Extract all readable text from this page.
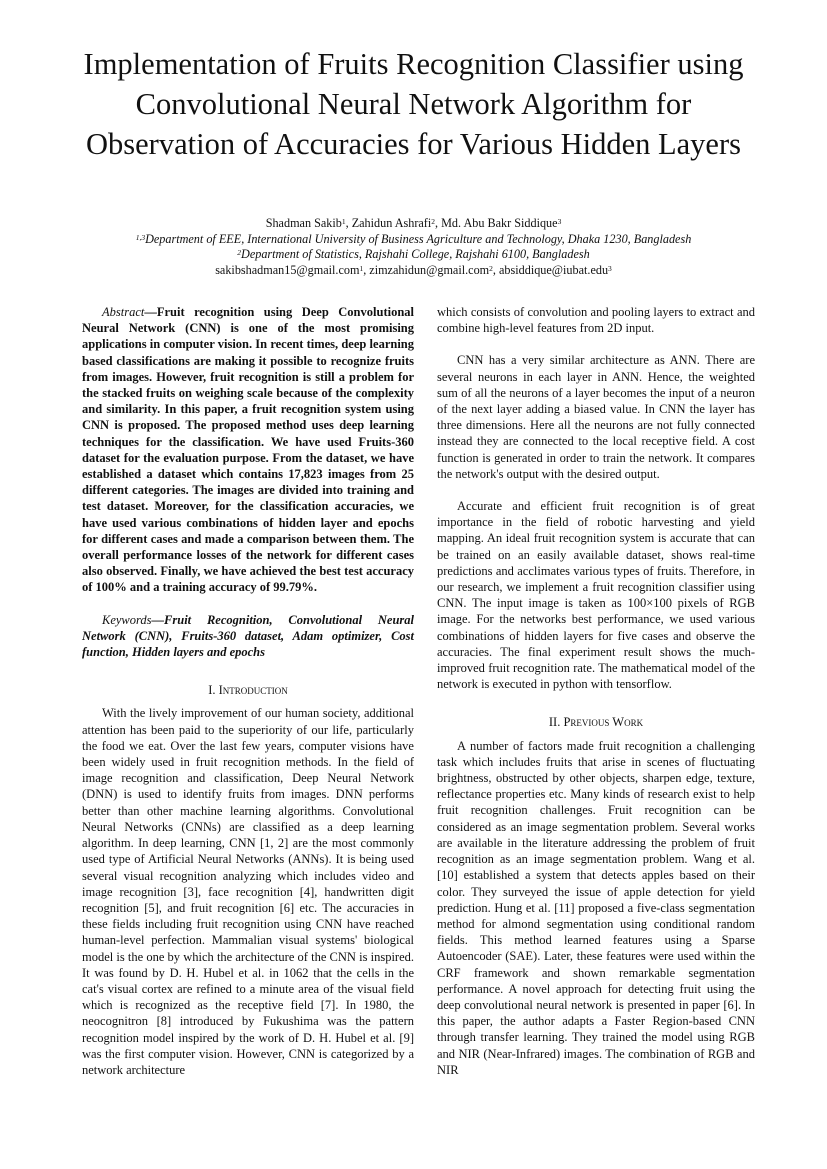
Implementation of Fruits Recognition Classifier using Convolutional Neural Network Algorithm for Observation of Accuracies for Various Hidden Layers
Shadman Sakib$^1$, Zahidun Ashrafi$^2$, Md. Abu Bakr Siddique$^3$
$^{1,3}$Department of EEE, International University of Business Agriculture and Technology, Dhaka 1230, Bangladesh
$^2$Department of Statistics, Rajshahi College, Rajshahi 6100, Bangladesh
sakibshadman15@gmail.com$^1$, zimzahidun@gmail.com$^2$, absiddique@iubat.edu$^3$

Abstract—Fruit recognition using Deep Convolutional Neural Network (CNN) is one of the most promising applications in computer vision. In recent times, deep learning based classifications are making it possible to recognize fruits from images. However, fruit recognition is still a problem for the stacked fruits on weighing scale because of the complexity and similarity. In this paper, a fruit recognition system using CNN is proposed. The proposed method uses deep learning techniques for the classification. We have used Fruits-360 dataset for the evaluation purpose. From the dataset, we have established a dataset which contains 17,823 images from 25 different categories. The images are divided into training and test dataset. Moreover, for the classification accuracies, we have used various combinations of hidden layer and epochs for different cases and made a comparison between them. The overall performance losses of the network for different cases also observed. Finally, we have achieved the best test accuracy of 100% and a training accuracy of 99.79%.

Keywords—Fruit Recognition, Convolutional Neural Network (CNN), Fruits-360 dataset, Adam optimizer, Cost function, Hidden layers and epochs

I. Introduction

With the lively improvement of our human society, additional attention has been paid to the superiority of our life, particularly the food we eat. Over the last few years, computer visions have been widely used in fruit recognition methods. In the field of image recognition and classification, Deep Neural Network (DNN) is used to identify fruits from images. DNN performs better than other machine learning algorithms. Convolutional Neural Networks (CNNs) are classified as a deep learning algorithm. In deep learning, CNN [1, 2] are the most commonly used type of Artificial Neural Networks (ANNs). It is being used several visual recognition analyzing which includes video and image recognition [3], face recognition [4], handwritten digit recognition [5], and fruit recognition [6] etc. The accuracies in these fields including fruit recognition using CNN have reached human-level perfection. Mammalian visual systems' biological model is the one by which the architecture of the CNN is inspired. It was found by D. H. Hubel et al. in 1062 that the cells in the cat's visual cortex are refined to a minute area of the visual field which is recognized as the receptive field [7]. In 1980, the neocognitron [8] introduced by Fukushima was the pattern recognition model inspired by the work of D. H. Hubel et al. [9] was the first computer vision. However, CNN is categorized by a network architecture

which consists of convolution and pooling layers to extract and combine high-level features from 2D input.

CNN has a very similar architecture as ANN. There are several neurons in each layer in ANN. Hence, the weighted sum of all the neurons of a layer becomes the input of a neuron of the next layer adding a biased value. In CNN the layer has three dimensions. Here all the neurons are not fully connected instead they are connected to the local receptive field. A cost function is generated in order to train the network. It compares the network's output with the desired output.

Accurate and efficient fruit recognition is of great importance in the field of robotic harvesting and yield mapping. An ideal fruit recognition system is accurate that can be trained on an easily available dataset, shows real-time predictions and acclimates various types of fruits. Therefore, in our research, we implement a fruit recognition classifier using CNN. The input image is taken as 100×100 pixels of RGB image. For the networks best performance, we used various combinations of hidden layers for five cases and observe the accuracies. The final experiment result shows the much-improved fruit recognition rate. The mathematical model of the network is executed in python with tensorflow.

II. Previous Work

A number of factors made fruit recognition a challenging task which includes fruits that arise in scenes of fluctuating brightness, obstructed by other objects, sharpen edge, texture, reflectance properties etc. Many kinds of research exist to help fruit recognition challenges. Fruit recognition can be considered as an image segmentation problem. Several works are available in the literature addressing the problem of fruit recognition as an image segmentation problem. Wang et al. [10] established a system that detects apples based on their color. They surveyed the issue of apple detection for yield prediction. Hung et al. [11] proposed a five-class segmentation method for almond segmentation using conditional random fields. This method learned features using a Sparse Autoencoder (SAE). Later, these features were used within the CRF framework and shown remarkable segmentation performance. A novel approach for detecting fruit using the deep convolutional neural network is presented in paper [6]. In this paper, the author adapts a Faster Region-based CNN through transfer learning. They trained the model using RGB and NIR (Near-Infrared) images. The combination of RGB and NIR
